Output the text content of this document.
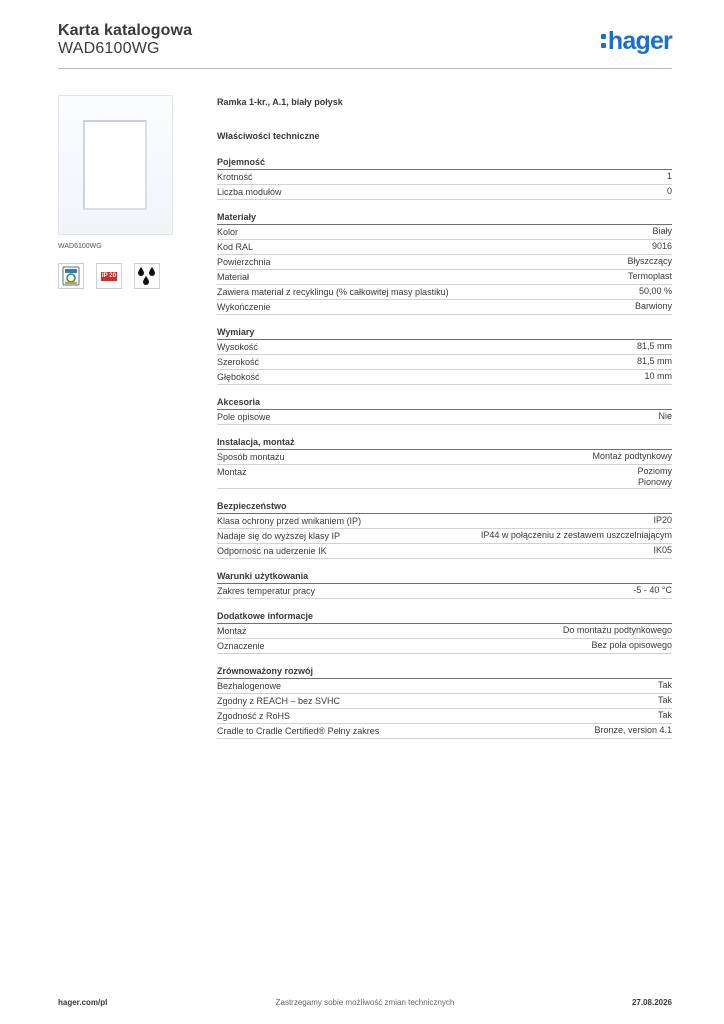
Karta katalogowa
WAD6100WG	hager
WAD6100WG
IP 20
Ramka 1-kr., A.1, biały połysk
Właściwości techniczne
Pojemność
Krotność	1
Liczba modułów	0
Materiały
Kolor	Biały
Kod RAL	9016
Powierzchnia	Błyszczący
Materiał	Termoplast
Zawiera materiał z recyklingu (% całkowitej masy plastiku)	50,00 %
Wykończenie	Barwiony
Wymiary
Wysokość	81,5 mm
Szerokość	81,5 mm
Głębokość	10 mm
Akcesoria
Pole opisowe	Nie
Instalacja, montaż
Sposób montażu	Montaż podtynkowy
Montaż	Poziomy
Pionowy
Bezpieczeństwo
Klasa ochrony przed wnikaniem (IP)	IP20
Nadaje się do wyższej klasy IP	IP44 w połączeniu z zestawem uszczelniającym
Odporność na uderzenie IK	IK05
Warunki użytkowania
Zakres temperatur pracy	-5 - 40 °C
Dodatkowe informacje
Montaż	Do montażu podtynkowego
Oznaczenie	Bez pola opisowego
Zrównoważony rozwój
Bezhalogenowe	Tak
Zgodny z REACH – bez SVHC	Tak
Zgodność z RoHS	Tak
Cradle to Cradle Certified® Pełny zakres	Bronze, version 4.1
hager.com/pl	Zastrzegamy sobie możliwość zmian technicznych	27.08.2026
